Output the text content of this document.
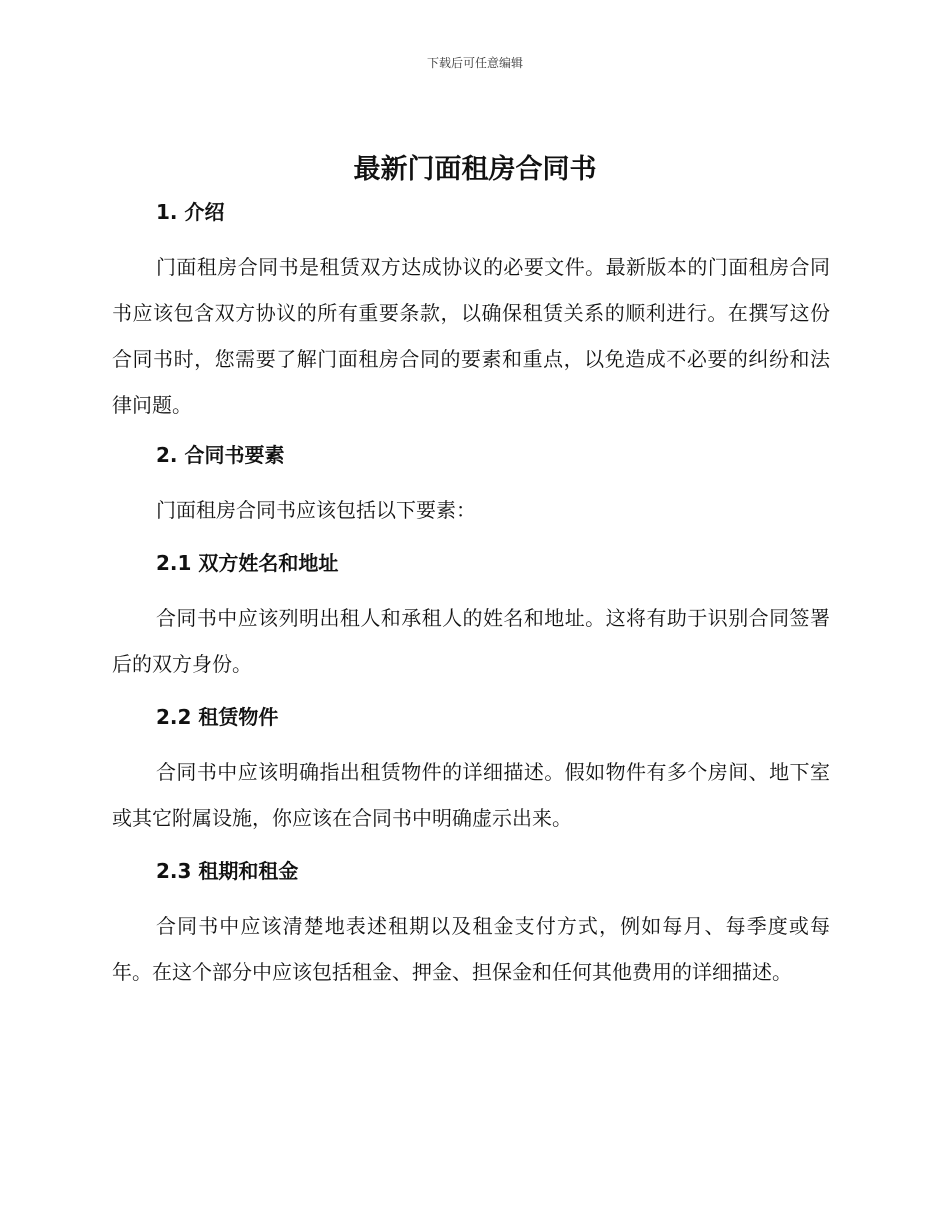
下载后可任意编辑
最新门面租房合同书
1. 介绍

门面租房合同书是租赁双方达成协议的必要文件。最新版本的门面租房合同书应该包含双方协议的所有重要条款，以确保租赁关系的顺利进行。在撰写这份合同书时，您需要了解门面租房合同的要素和重点，以免造成不必要的纠纷和法律问题。

2. 合同书要素

门面租房合同书应该包括以下要素：

2.1 双方姓名和地址

合同书中应该列明出租人和承租人的姓名和地址。这将有助于识别合同签署后的双方身份。

2.2 租赁物件

合同书中应该明确指出租赁物件的详细描述。假如物件有多个房间、地下室或其它附属设施，你应该在合同书中明确虚示出来。

2.3 租期和租金

合同书中应该清楚地表述租期以及租金支付方式，例如每月、每季度或每年。在这个部分中应该包括租金、押金、担保金和任何其他费用的详细描述。
